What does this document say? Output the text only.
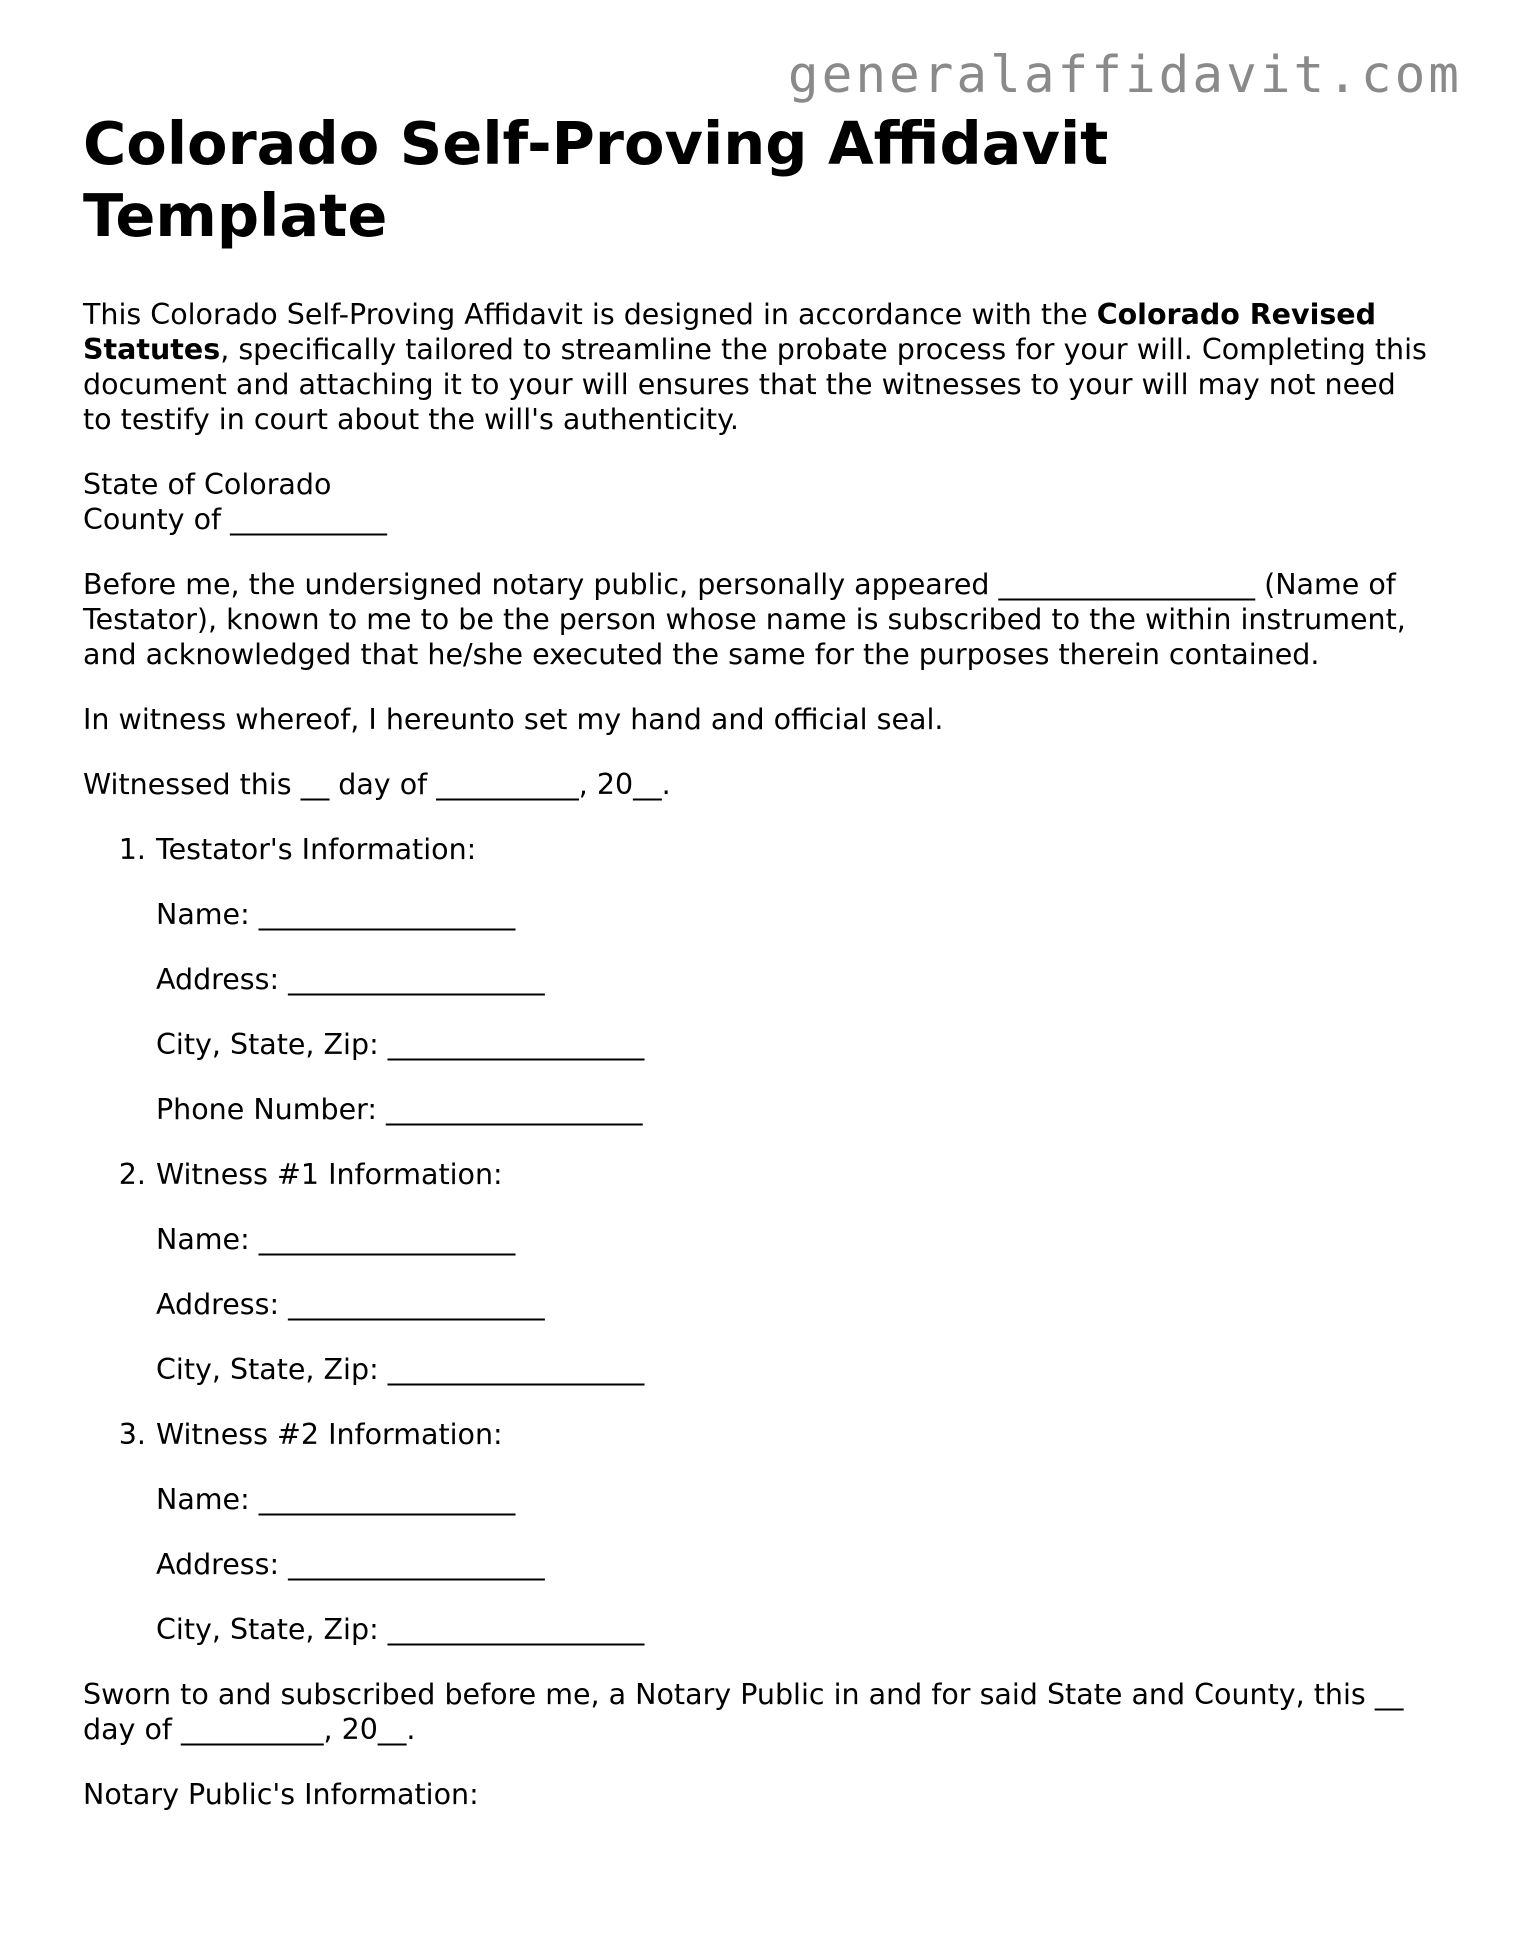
generalaffidavit.com
Colorado Self-Proving Affidavit Template

This Colorado Self-Proving Affidavit is designed in accordance with the Colorado Revised Statutes, specifically tailored to streamline the probate process for your will. Completing this document and attaching it to your will ensures that the witnesses to your will may not need to testify in court about the will's authenticity.

State of Colorado
County of ___________

Before me, the undersigned notary public, personally appeared __________________ (Name of Testator), known to me to be the person whose name is subscribed to the within instrument, and acknowledged that he/she executed the same for the purposes therein contained.

In witness whereof, I hereunto set my hand and official seal.

Witnessed this __ day of __________, 20__.

1. Testator's Information:
Name: __________________
Address: __________________
City, State, Zip: __________________
Phone Number: __________________
2. Witness #1 Information:
Name: __________________
Address: __________________
City, State, Zip: __________________
3. Witness #2 Information:
Name: __________________
Address: __________________
City, State, Zip: __________________

Sworn to and subscribed before me, a Notary Public in and for said State and County, this __ day of __________, 20__.

Notary Public's Information:
